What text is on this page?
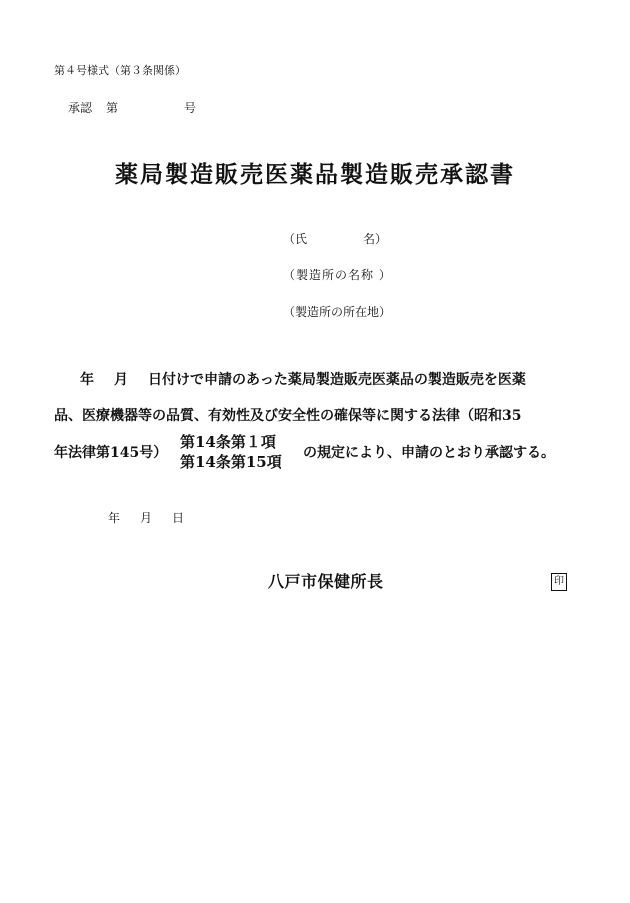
第４号様式（第３条関係）
承認 第	号
薬局製造販売医薬品製造販売承認書
（氏	名）
（製造所の名称 ）
（製造所の所在地）
年 月 日付けで申請のあった薬局製造販売医薬品の製造販売を医薬
品、医療機器等の品質、有効性及び安全性の確保等に関する法律（昭和35
年法律第145号）
第14条第１項
第14条第15項 の規定により、申請のとおり承認する。
年 月 日
八戸市保健所長	印
